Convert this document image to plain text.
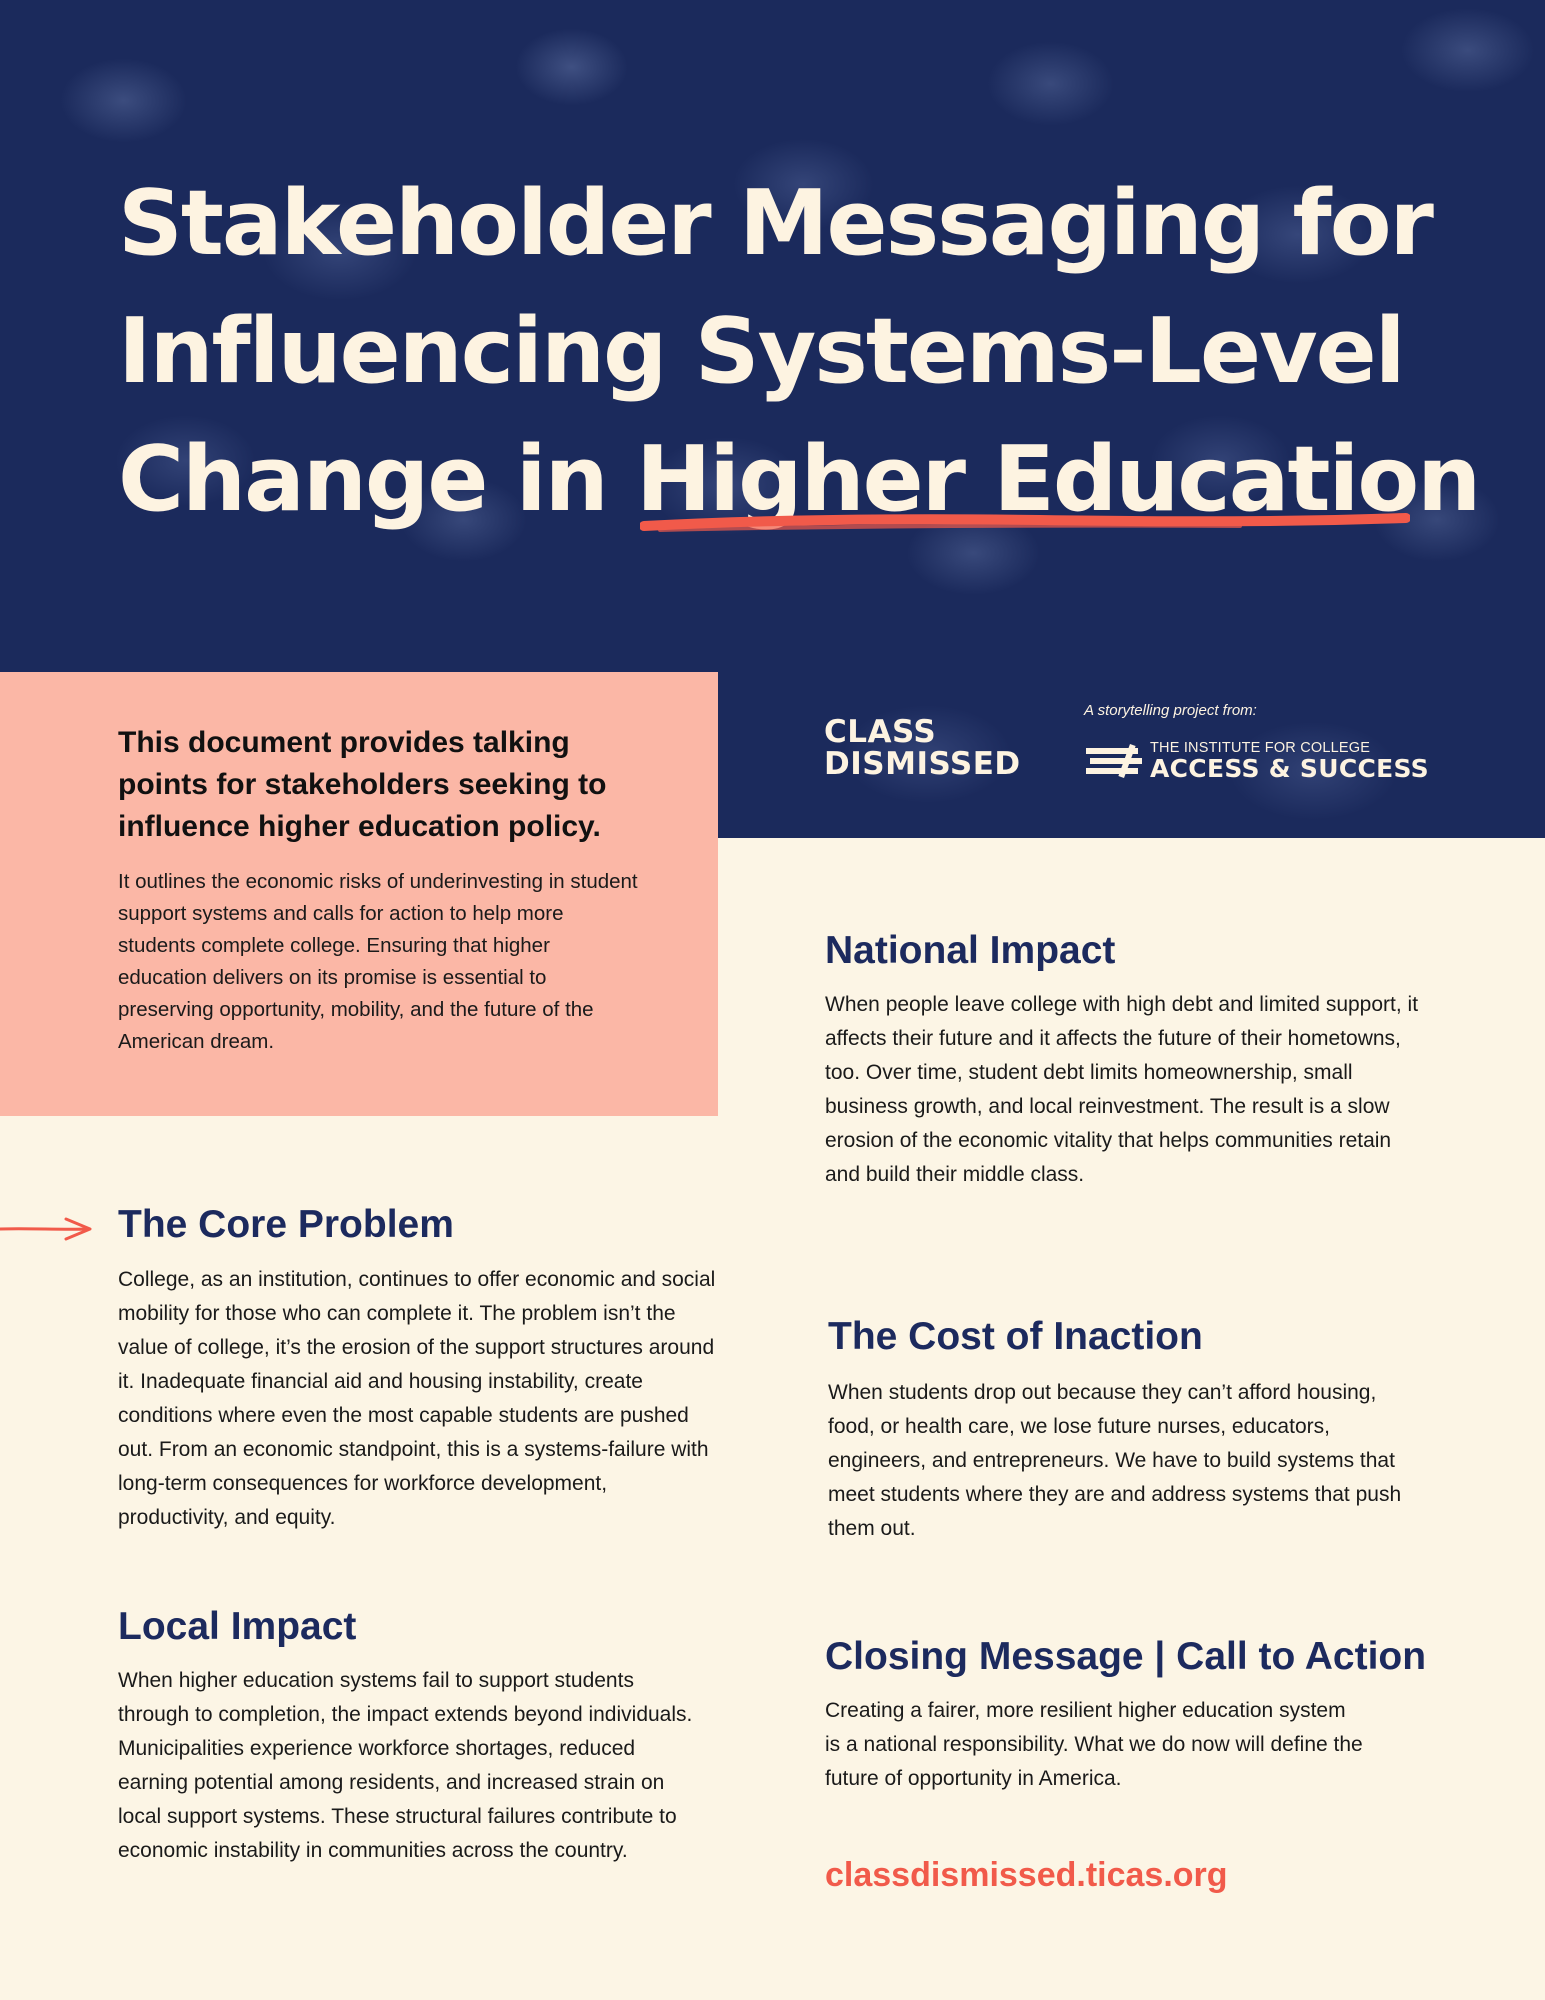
Stakeholder Messaging for
Influencing Systems-Level
Change in Higher Education
CLASS
DISMISSED
A storytelling project from:
THE INSTITUTE FOR COLLEGE
ACCESS & SUCCESS

This document provides talking points for stakeholders seeking to influence higher education policy.

It outlines the economic risks of underinvesting in student support systems and calls for action to help more students complete college. Ensuring that higher education delivers on its promise is essential to preserving opportunity, mobility, and the future of the American dream.

The Core Problem

College, as an institution, continues to offer economic and social mobility for those who can complete it. The problem isn’t the value of college, it’s the erosion of the support structures around it. Inadequate financial aid and housing instability, create conditions where even the most capable students are pushed out. From an economic standpoint, this is a systems-failure with long-term consequences for workforce development, productivity, and equity.

Local Impact

When higher education systems fail to support students through to completion, the impact extends beyond individuals. Municipalities experience workforce shortages, reduced earning potential among residents, and increased strain on local support systems. These structural failures contribute to economic instability in communities across the country.

National Impact

When people leave college with high debt and limited support, it affects their future and it affects the future of their hometowns, too. Over time, student debt limits homeownership, small business growth, and local reinvestment. The result is a slow erosion of the economic vitality that helps communities retain and build their middle class.

The Cost of Inaction

When students drop out because they can’t afford housing, food, or health care, we lose future nurses, educators, engineers, and entrepreneurs. We have to build systems that meet students where they are and address systems that push them out.

Closing Message | Call to Action

Creating a fairer, more resilient higher education system is a national responsibility. What we do now will define the future of opportunity in America.

classdismissed.ticas.org
